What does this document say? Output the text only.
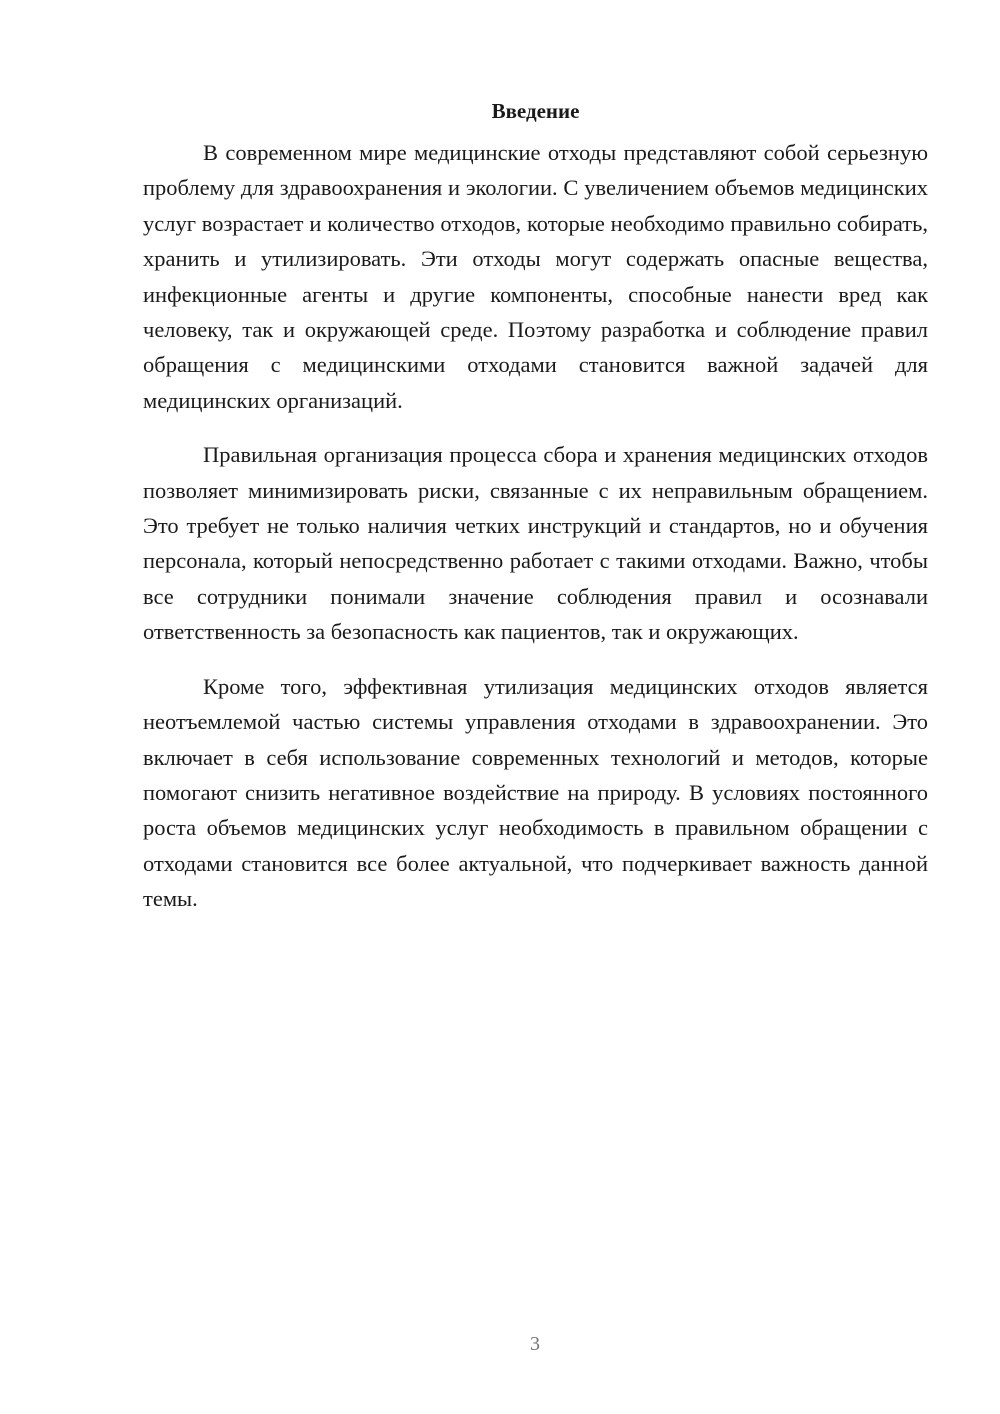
Введение

В современном мире медицинские отходы представляют собой серьезную проблему для здравоохранения и экологии. С увеличением объемов медицинских услуг возрастает и количество отходов, которые необходимо правильно собирать, хранить и утилизировать. Эти отходы могут содержать опасные вещества, инфекционные агенты и другие компоненты, способные нанести вред как человеку, так и окружающей среде. Поэтому разработка и соблюдение правил обращения с медицинскими отходами становится важной задачей для медицинских организаций.

Правильная организация процесса сбора и хранения медицинских отходов позволяет минимизировать риски, связанные с их неправильным обращением. Это требует не только наличия четких инструкций и стандартов, но и обучения персонала, который непосредственно работает с такими отходами. Важно, чтобы все сотрудники понимали значение соблюдения правил и осознавали ответственность за безопасность как пациентов, так и окружающих.

Кроме того, эффективная утилизация медицинских отходов является неотъемлемой частью системы управления отходами в здравоохранении. Это включает в себя использование современных технологий и методов, которые помогают снизить негативное воздействие на природу. В условиях постоянного роста объемов медицинских услуг необходимость в правильном обращении с отходами становится все более актуальной, что подчеркивает важность данной темы.

3
